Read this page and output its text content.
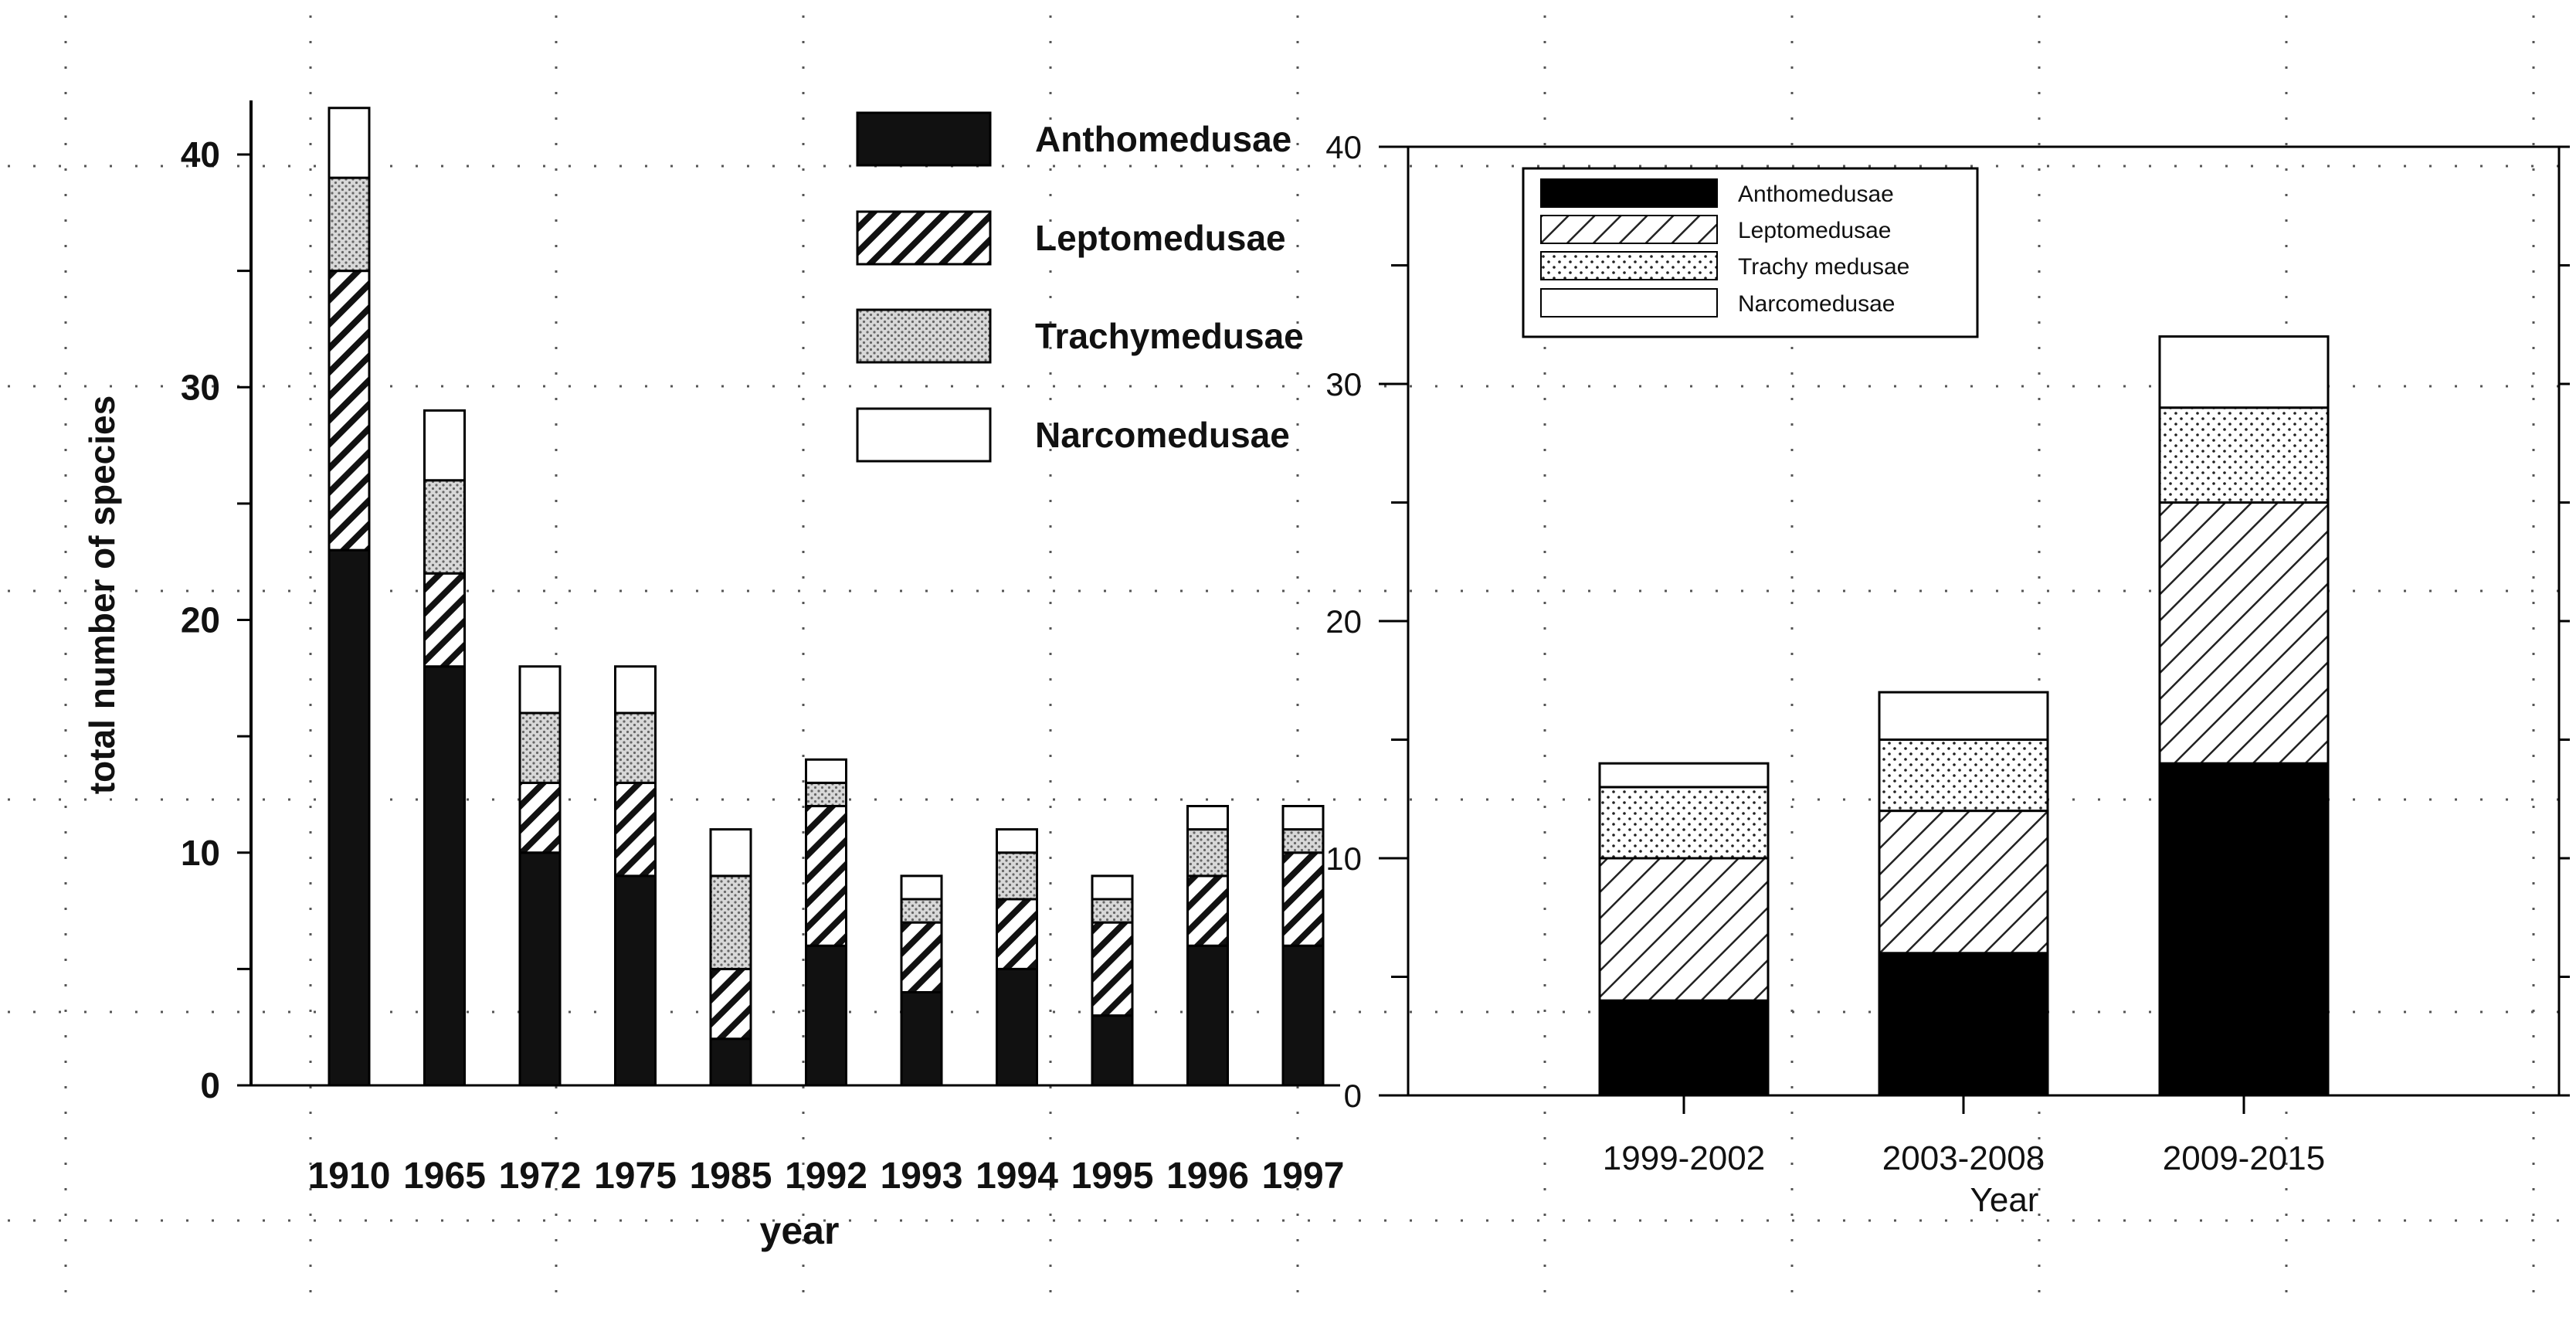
0
10
20
30
40
1910 1965 1972 1975 1985 1992 1993 1994 1995 1996 1997
year
total number of species
Anthomedusae
Leptomedusae
Trachymedusae
Narcomedusae
0
10
20
30
40
1999-2002	2003-2008	2009-2015
Year
Anthomedusae
Leptomedusae
Trachy medusae
Narcomedusae
